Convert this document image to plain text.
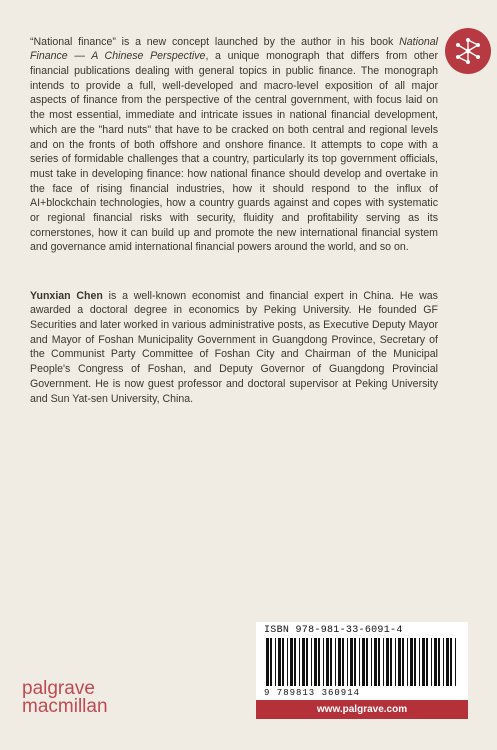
“National finance” is a new concept launched by the author in his book National Finance — A Chinese Perspective, a unique monograph that differs from other financial publications dealing with general topics in public finance. The monograph intends to provide a full, well-developed and macro-level exposition of all major aspects of finance from the perspective of the central government, with focus laid on the most essential, immediate and intricate issues in national financial development, which are the "hard nuts" that have to be cracked on both central and regional levels and on the fronts of both offshore and onshore finance. It attempts to cope with a series of formidable challenges that a country, particularly its top government officials, must take in developing finance: how national finance should develop and overtake in the face of rising financial industries, how it should respond to the influx of AI+blockchain technologies, how a country guards against and copes with systematic or regional financial risks with security, fluidity and profitability serving as its cornerstones, how it can build up and promote the new international financial system and governance amid international financial powers around the world, and so on.

Yunxian Chen is a well-known economist and financial expert in China. He was awarded a doctoral degree in economics by Peking University. He founded GF Securities and later worked in various administrative posts, as Executive Deputy Mayor and Mayor of Foshan Municipality Government in Guangdong Province, Secretary of the Communist Party Committee of Foshan City and Chairman of the Municipal People's Congress of Foshan, and Deputy Governor of Guangdong Provincial Government. He is now guest professor and doctoral supervisor at Peking University and Sun Yat-sen University, China.

ISBN 978-981-33-6091-4
9 789813 360914
www.palgrave.com
palgrave
macmillan
